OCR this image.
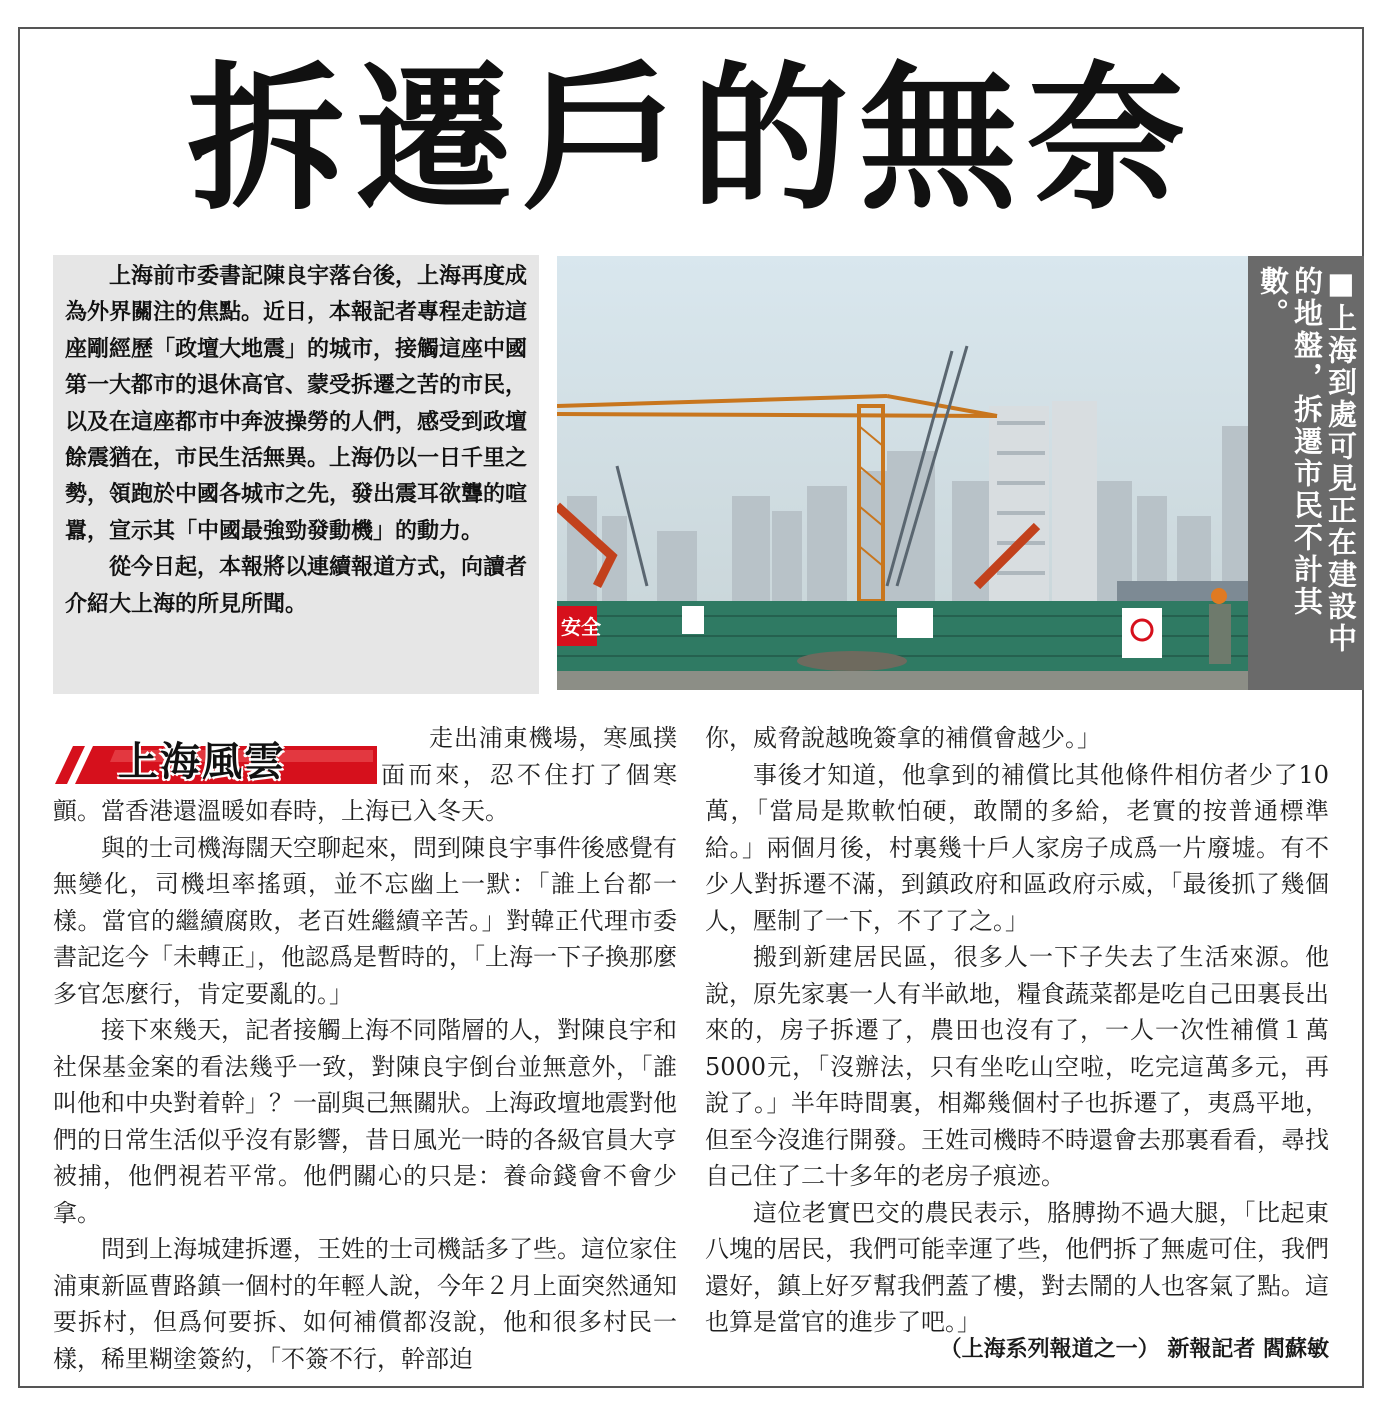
拆遷戶的無奈

上海前市委書記陳良宇落台後，上海再度成為外界關注的焦點。近日，本報記者專程走訪這座剛經歷「政壇大地震」的城市，接觸這座中國第一大都市的退休高官、蒙受拆遷之苦的市民，以及在這座都市中奔波操勞的人們，感受到政壇餘震猶在，市民生活無異。上海仍以一日千里之勢，領跑於中國各城市之先，發出震耳欲聾的喧囂，宣示其「中國最強勁發動機」的動力。

從今日起，本報將以連續報道方式，向讀者介紹大上海的所見所聞。

安全	■上海到處可見正在建設中的地盤，拆遷市民不計其數。
上海風雲

走出浦東機場，寒風撲面而來，忍不住打了個寒顫。當香港還溫暖如春時，上海已入冬天。

與的士司機海闊天空聊起來，問到陳良宇事件後感覺有無變化，司機坦率搖頭，並不忘幽上一默：「誰上台都一樣。當官的繼續腐敗，老百姓繼續辛苦。」對韓正代理市委書記迄今「未轉正」，他認爲是暫時的，「上海一下子換那麼多官怎麼行，肯定要亂的。」

接下來幾天，記者接觸上海不同階層的人，對陳良宇和社保基金案的看法幾乎一致，對陳良宇倒台並無意外，「誰叫他和中央對着幹」？一副與己無關狀。上海政壇地震對他們的日常生活似乎沒有影響，昔日風光一時的各級官員大亨被捕，他們視若平常。他們關心的只是：養命錢會不會少拿。

問到上海城建拆遷，王姓的士司機話多了些。這位家住浦東新區曹路鎮一個村的年輕人說，今年２月上面突然通知要拆村，但爲何要拆、如何補償都沒說，他和很多村民一樣，稀里糊塗簽約，「不簽不行，幹部迫

你，威脅說越晚簽拿的補償會越少。」

事後才知道，他拿到的補償比其他條件相仿者少了10萬，「當局是欺軟怕硬，敢鬧的多給，老實的按普通標準給。」兩個月後，村裏幾十戶人家房子成爲一片廢墟。有不少人對拆遷不滿，到鎮政府和區政府示威，「最後抓了幾個人，壓制了一下，不了了之。」

搬到新建居民區，很多人一下子失去了生活來源。他說，原先家裏一人有半畝地，糧食蔬菜都是吃自己田裏長出來的，房子拆遷了，農田也沒有了，一人一次性補償１萬5000元，「沒辦法，只有坐吃山空啦，吃完這萬多元，再說了。」半年時間裏，相鄰幾個村子也拆遷了，夷爲平地，但至今沒進行開發。王姓司機時不時還會去那裏看看，尋找自己住了二十多年的老房子痕迹。

這位老實巴交的農民表示，胳膊拗不過大腿，「比起東八塊的居民，我們可能幸運了些，他們拆了無處可住，我們還好，鎮上好歹幫我們蓋了樓，對去鬧的人也客氣了點。這也算是當官的進步了吧。」

（上海系列報道之一） 新報記者 閻蘇敏
